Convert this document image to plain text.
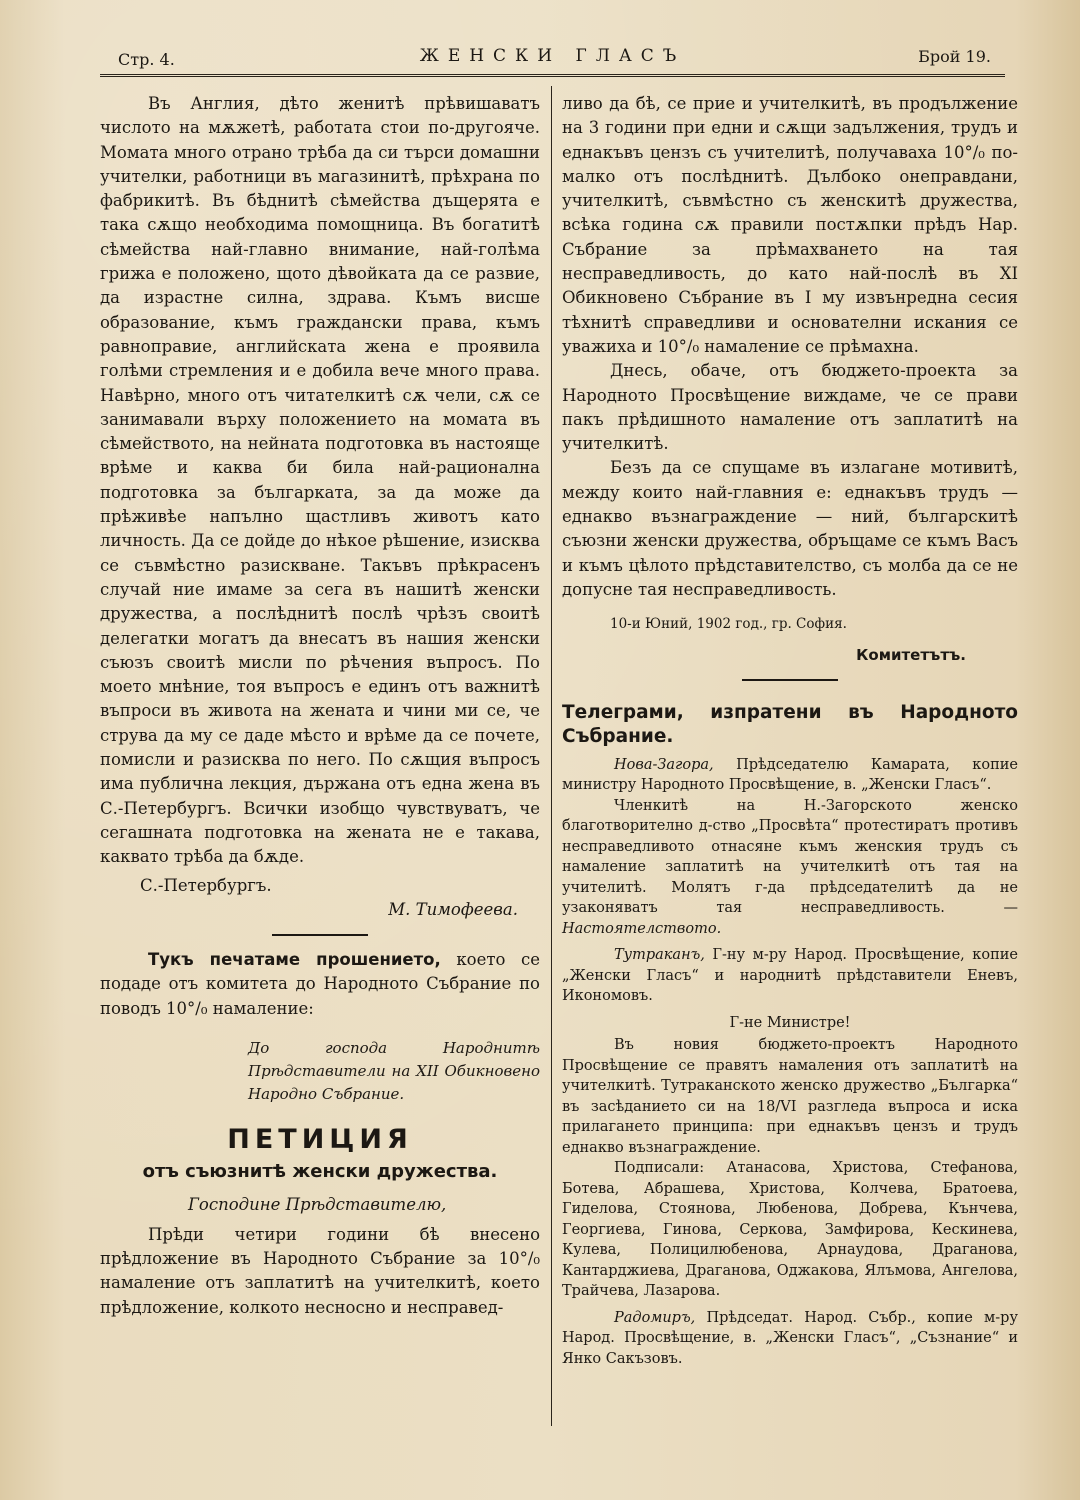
Стр. 4.	ЖЕНСКИ ГЛАСЪ	Брой 19.

Въ Англия, дѣто женитѣ прѣвишаватъ числото на мѫжетѣ, работата стои по-другояче. Момата много отрано трѣба да си търси домашни учителки, работници въ магазинитѣ, прѣхрана по фабрикитѣ. Въ бѣднитѣ сѣмейства дъщерята е така сѫщо необходима помощница. Въ богатитѣ сѣмейства най-главно внимание, най-голѣма грижа е положено, щото дѣвойката да се развие, да израстне силна, здрава. Къмъ висше образование, къмъ граждански права, къмъ равноправие, английската жена е проявила голѣми стремления и е добила вече много права. Навѣрно, много отъ читателкитѣ сѫ чели, сѫ се занимавали върху положението на момата въ сѣмейството, на нейната подготовка въ настояще врѣме и каква би била най-рационална подготовка за българката, за да може да прѣживѣе напълно щастливъ животъ като личность. Да се дойде до нѣкое рѣшение, изисква се съвмѣстно разискване. Такъвъ прѣкрасенъ случай ние имаме за сега въ нашитѣ женски дружества, а послѣднитѣ послѣ чрѣзъ своитѣ делегатки могатъ да внесатъ въ нашия женски съюзъ своитѣ мисли по рѣчения въпросъ. По моето мнѣние, тоя въпросъ е единъ отъ важнитѣ въпроси въ живота на жената и чини ми се, че струва да му се даде мѣсто и врѣме да се почете, помисли и разисква по него. По сѫщия въпросъ има публична лекция, държана отъ една жена въ С.-Петербургъ. Всички изобщо чувствуватъ, че сегашната подготовка на жената не е такава, каквато трѣба да бѫде.

С.-Петербургъ.
М. Тимофеева.

Тукъ печатаме прошението, което се подаде отъ комитета до Народното Събрание по поводъ 10°/₀ намаление:

До господа Народнитѣ Прѣдставители на XII Обикновено Народно Събрание.
ПЕТИЦИЯ
отъ съюзнитѣ женски дружества.
Господине Прѣдставителю,

Прѣди четири години бѣ внесено прѣдложение въ Народното Събрание за 10°/₀ намаление отъ заплатитѣ на учителкитѣ, което прѣдложение, колкото несносно и несправед-

ливо да бѣ, се прие и учителкитѣ, въ продължение на 3 години при едни и сѫщи задължения, трудъ и еднакъвъ цензъ съ учителитѣ, получаваха 10°/₀ по-малко отъ послѣднитѣ. Дълбоко онеправдани, учителкитѣ, съвмѣстно съ женскитѣ дружества, всѣка година сѫ правили постѫпки прѣдъ Нар. Събрание за прѣмахването на тая несправедливость, до като най-послѣ въ XI Обикновено Събрание въ I му извънредна сесия тѣхнитѣ справедливи и основателни искания се уважиха и 10°/₀ намаление се прѣмахна.

Днесь, обаче, отъ бюджето-проекта за Народното Просвѣщение виждаме, че се прави пакъ прѣдишното намаление отъ заплатитѣ на учителкитѣ.

Безъ да се спущаме въ излагане мотивитѣ, между които най-главния е: еднакъвъ трудъ — еднакво възнаграждение — ний, българскитѣ съюзни женски дружества, обръщаме се къмъ Васъ и къмъ цѣлото прѣдставителство, съ молба да се не допусне тая несправедливость.

10-и Юний, 1902 год., гр. София.
Комитетътъ.
Телеграми, изпратени въ Народното Събрание.

Нова-Загора, Прѣдседателю Камарата, копие министру Народното Просвѣщение, в. „Женски Гласъ“.

Членкитѣ на Н.-Загорското женско благотворително д-ство „Просвѣта“ протестиратъ противъ несправедливото отнасяне къмъ женския трудъ съ намаление заплатитѣ на учителкитѣ отъ тая на учителитѣ. Молятъ г-да прѣдседателитѣ да не узаконяватъ тая несправедливость. — Настоятелството.

Тутраканъ, Г-ну м-ру Народ. Просвѣщение, копие „Женски Гласъ“ и народнитѣ прѣдставители Еневъ, Икономовъ.

Г-не Министре!

Въ новия бюджето-проектъ Народното Просвѣщение се правятъ намаления отъ заплатитѣ на учителкитѣ. Тутраканското женско дружество „Българка“ въ засѣданието си на 18/VI разгледа въпроса и иска прилагането принципа: при еднакъвъ цензъ и трудъ еднакво възнаграждение.

Подписали: Атанасова, Христова, Стефанова, Ботева, Абрашева, Христова, Колчева, Братоева, Гиделова, Стоянова, Любенова, Добрева, Кънчева, Георгиева, Гинова, Серкова, Замфирова, Кескинева, Кулева, Полицилюбенова, Арнаудова, Драганова, Кантарджиева, Драганова, Оджакова, Ялъмова, Ангелова, Трайчева, Лазарова.

Радомиръ, Прѣдседат. Народ. Събр., копие м-ру Народ. Просвѣщение, в. „Женски Гласъ“, „Съзнание“ и Янко Сакъзовъ.
